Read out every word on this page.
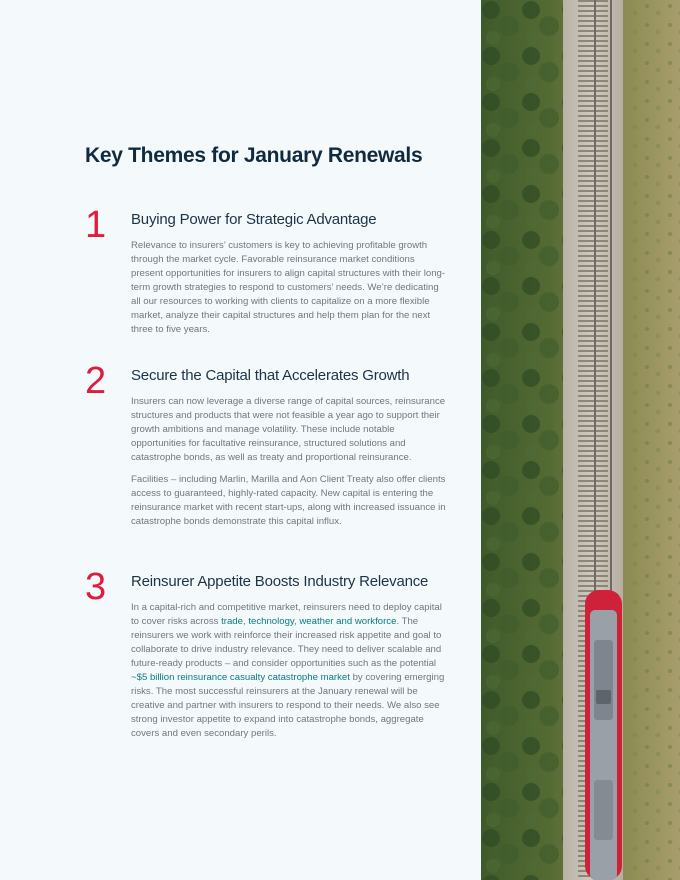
Key Themes for January Renewals
1 Buying Power for Strategic Advantage

Relevance to insurers’ customers is key to achieving profitable growth through the market cycle. Favorable reinsurance market conditions present opportunities for insurers to align capital structures with their long-term growth strategies to respond to customers’ needs. We’re dedicating all our resources to working with clients to capitalize on a more flexible market, analyze their capital structures and help them plan for the next three to five years.

2 Secure the Capital that Accelerates Growth

Insurers can now leverage a diverse range of capital sources, reinsurance structures and products that were not feasible a year ago to support their growth ambitions and manage volatility. These include notable opportunities for facultative reinsurance, structured solutions and catastrophe bonds, as well as treaty and proportional reinsurance.

Facilities – including Marlin, Marilla and Aon Client Treaty also offer clients access to guaranteed, highly-rated capacity. New capital is entering the reinsurance market with recent start-ups, along with increased issuance in catastrophe bonds demonstrate this capital influx.

3 Reinsurer Appetite Boosts Industry Relevance

In a capital-rich and competitive market, reinsurers need to deploy capital to cover risks across trade, technology, weather and workforce. The reinsurers we work with reinforce their increased risk appetite and goal to collaborate to drive industry relevance. They need to deliver scalable and future-ready products – and consider opportunities such as the potential ~$5 billion reinsurance casualty catastrophe market by covering emerging risks. The most successful reinsurers at the January renewal will be creative and partner with insurers to respond to their needs. We also see strong investor appetite to expand into catastrophe bonds, aggregate covers and even secondary perils.
